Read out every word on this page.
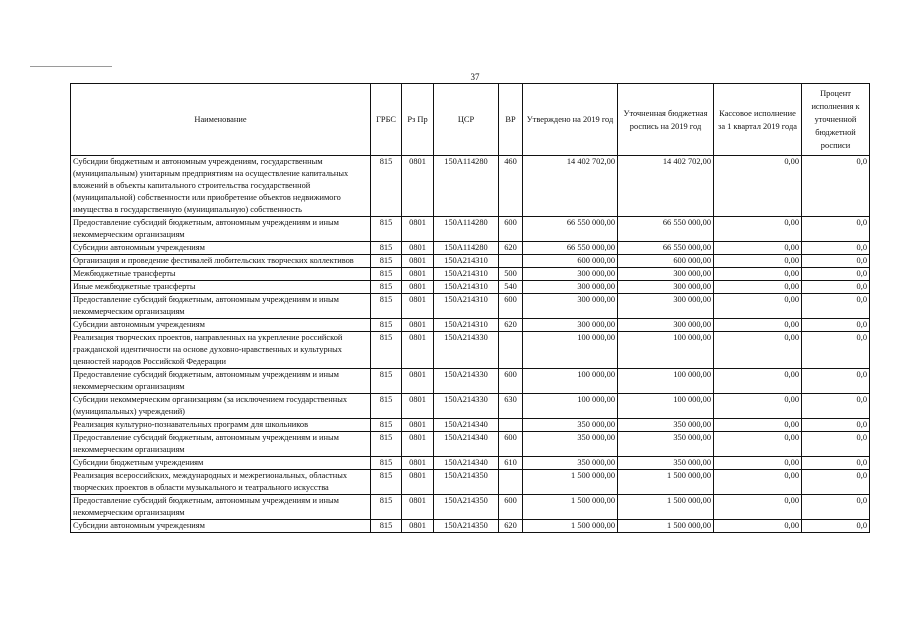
37
Наименование	ГРБС	Рз Пр	ЦСР	ВР	Утверждено на 2019 год	Уточненная бюджетная роспись на 2019 год	Кассовое исполнение за 1 квартал 2019 года	Процент исполнения к уточненной бюджетной росписи
Субсидии бюджетным и автономным учреждениям, государственным (муниципальным) унитарным предприятиям на осуществление капитальных вложений в объекты капитального строительства государственной (муниципальной) собственности или приобретение объектов недвижимого имущества в государственную (муниципальную) собственность	815	0801	150A114280	460	14 402 702,00	14 402 702,00	0,00	0,0
Предоставление субсидий бюджетным, автономным учреждениям и иным некоммерческим организациям	815	0801	150A114280	600	66 550 000,00	66 550 000,00	0,00	0,0
Субсидии автономным учреждениям	815	0801	150A114280	620	66 550 000,00	66 550 000,00	0,00	0,0
Организация и проведение фестивалей любительских творческих коллективов	815	0801	150A214310		600 000,00	600 000,00	0,00	0,0
Межбюджетные трансферты	815	0801	150A214310	500	300 000,00	300 000,00	0,00	0,0
Иные межбюджетные трансферты	815	0801	150A214310	540	300 000,00	300 000,00	0,00	0,0
Предоставление субсидий бюджетным, автономным учреждениям и иным некоммерческим организациям	815	0801	150A214310	600	300 000,00	300 000,00	0,00	0,0
Субсидии автономным учреждениям	815	0801	150A214310	620	300 000,00	300 000,00	0,00	0,0
Реализация творческих проектов, направленных на укрепление российской гражданской идентичности на основе духовно-нравственных и культурных ценностей народов Российской Федерации	815	0801	150A214330		100 000,00	100 000,00	0,00	0,0
Предоставление субсидий бюджетным, автономным учреждениям и иным некоммерческим организациям	815	0801	150A214330	600	100 000,00	100 000,00	0,00	0,0
Субсидии некоммерческим организациям (за исключением государственных (муниципальных) учреждений)	815	0801	150A214330	630	100 000,00	100 000,00	0,00	0,0
Реализация культурно-познавательных программ для школьников	815	0801	150A214340		350 000,00	350 000,00	0,00	0,0
Предоставление субсидий бюджетным, автономным учреждениям и иным некоммерческим организациям	815	0801	150A214340	600	350 000,00	350 000,00	0,00	0,0
Субсидии бюджетным учреждениям	815	0801	150A214340	610	350 000,00	350 000,00	0,00	0,0
Реализация всероссийских, международных и межрегиональных, областных творческих проектов в области музыкального и театрального искусства	815	0801	150A214350		1 500 000,00	1 500 000,00	0,00	0,0
Предоставление субсидий бюджетным, автономным учреждениям и иным некоммерческим организациям	815	0801	150A214350	600	1 500 000,00	1 500 000,00	0,00	0,0
Субсидии автономным учреждениям	815	0801	150A214350	620	1 500 000,00	1 500 000,00	0,00	0,0
